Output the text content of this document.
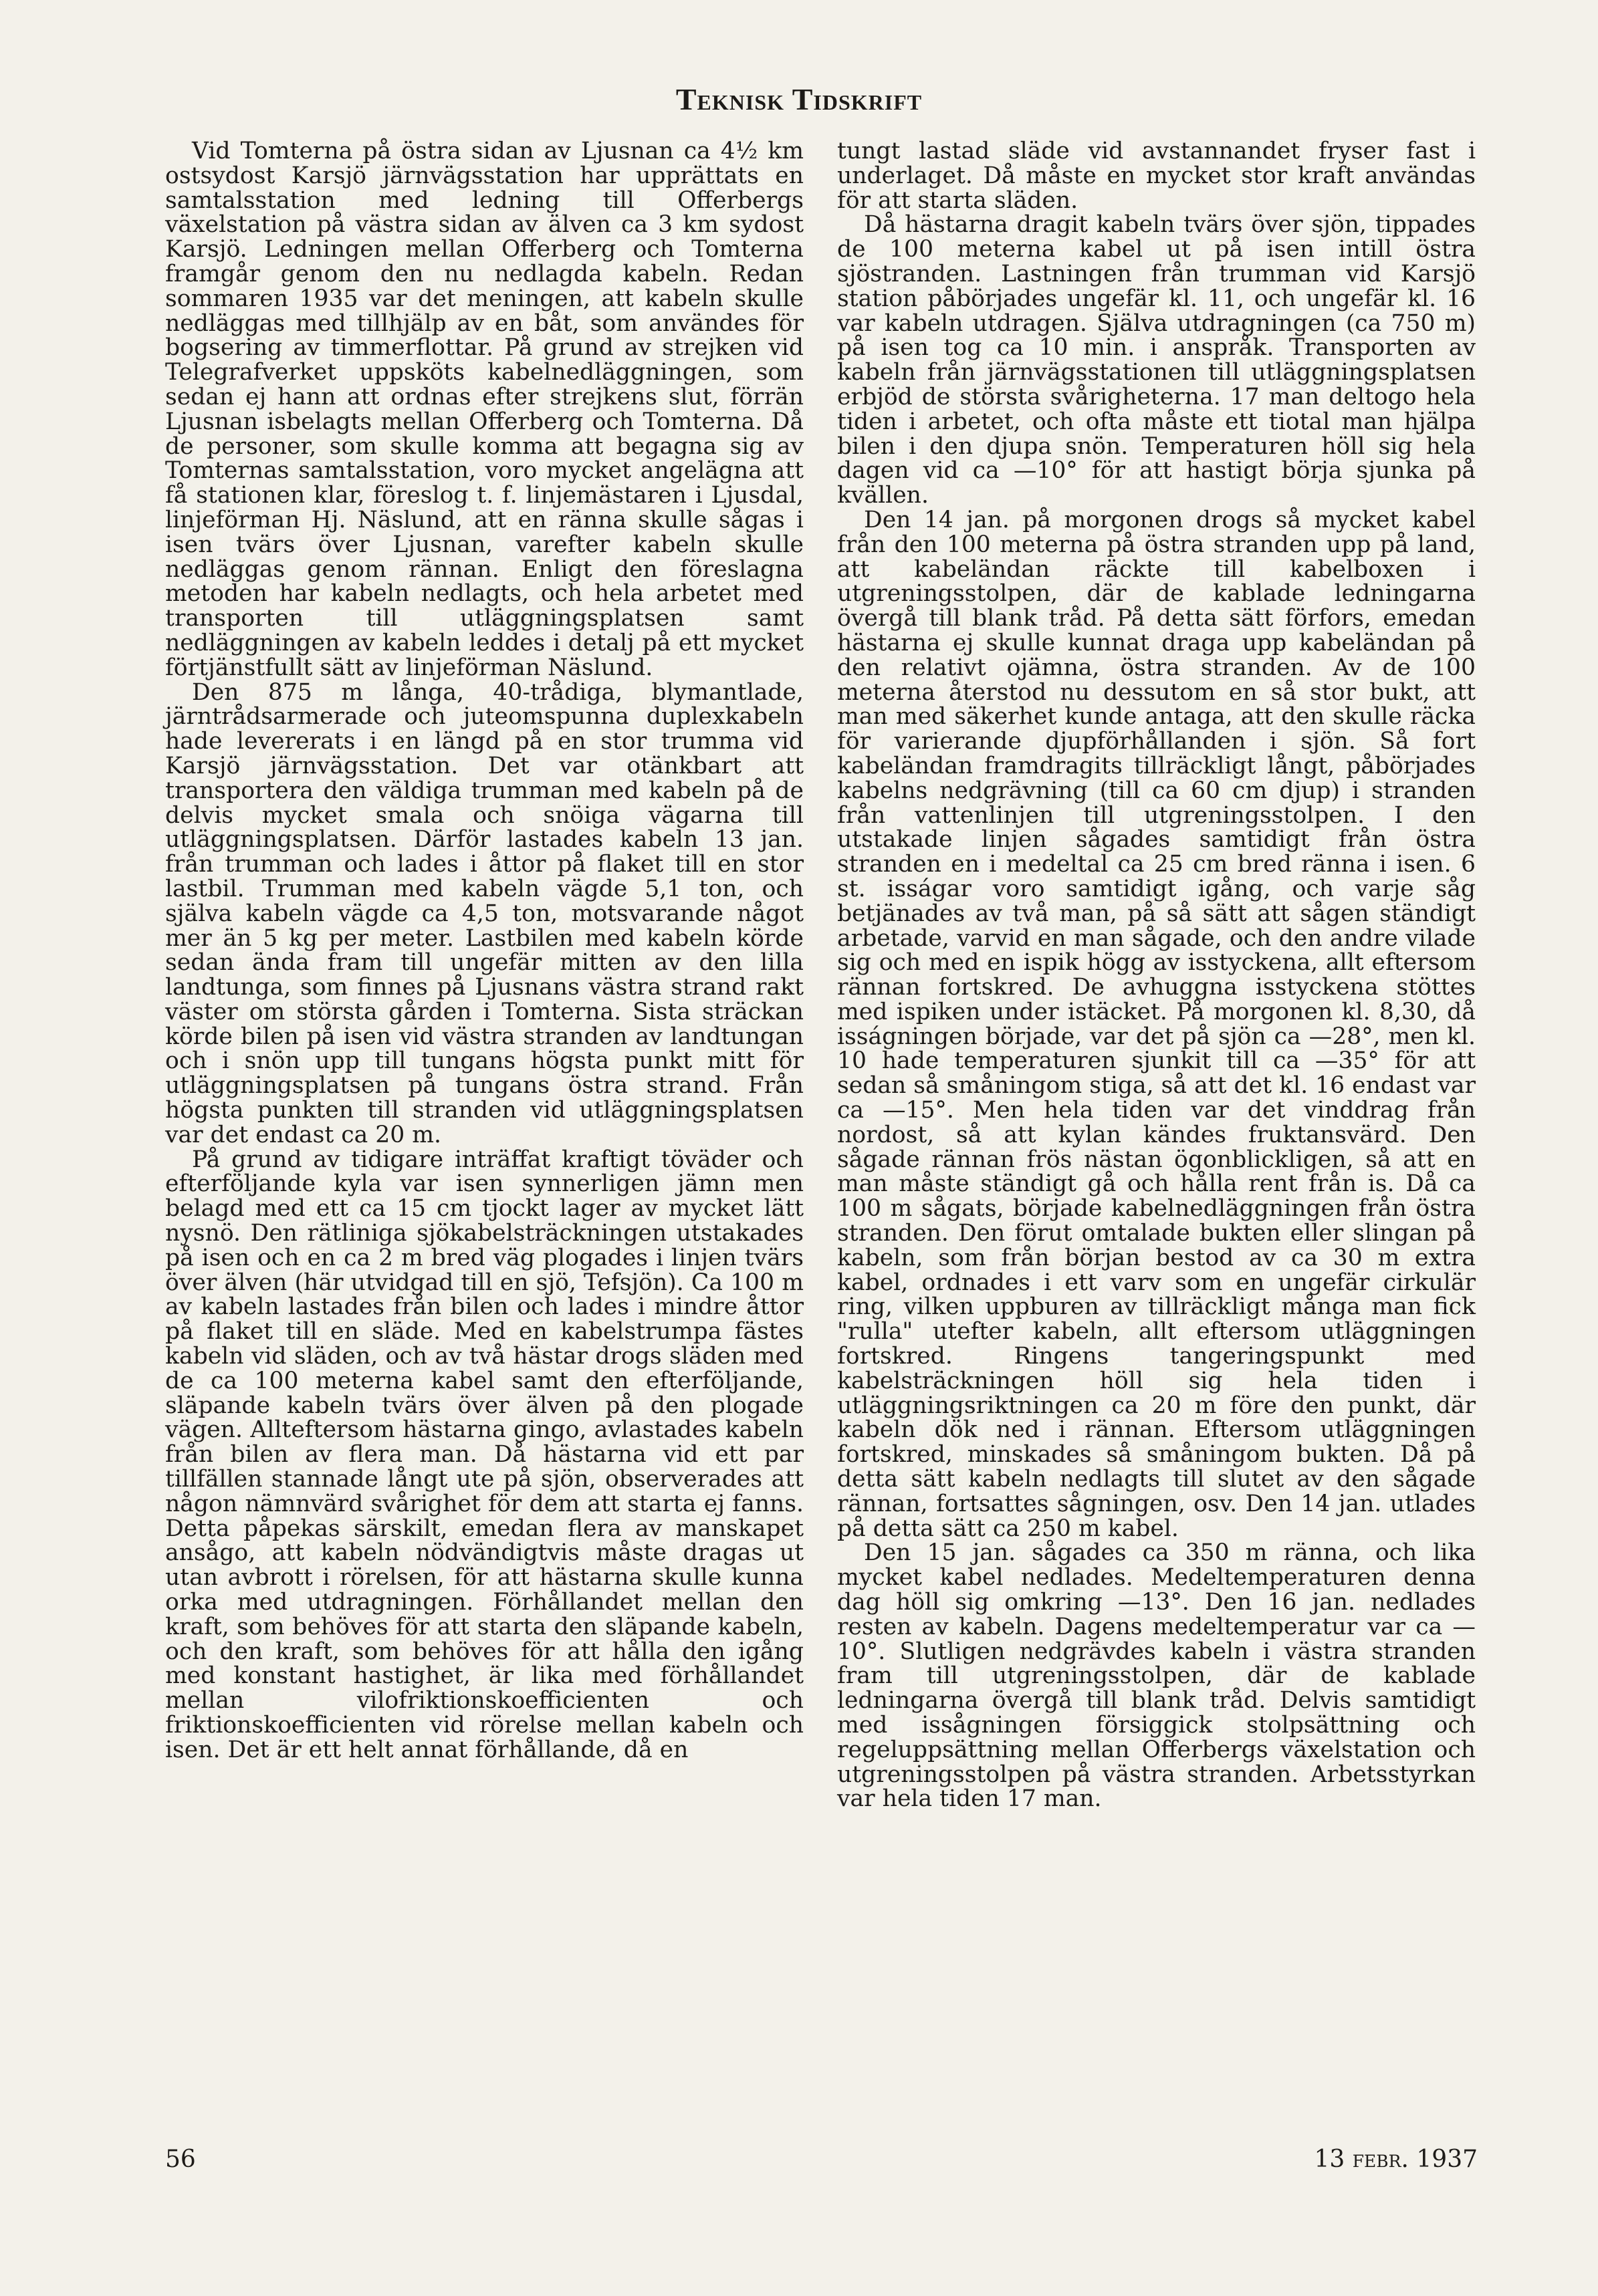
Teknisk Tidskrift

Vid Tomterna på östra sidan av Ljusnan ca 4½ km ostsydost Karsjö järnvägsstation har upprättats en samtalsstation med ledning till Offerbergs växelstation på västra sidan av älven ca 3 km sydost Karsjö. Ledningen mellan Offerberg och Tomterna framgår genom den nu nedlagda kabeln. Redan sommaren 1935 var det meningen, att kabeln skulle nedläggas med tillhjälp av en båt, som användes för bogsering av timmerflottar. På grund av strejken vid Telegrafverket uppsköts kabelnedläggningen, som sedan ej hann att ordnas efter strejkens slut, förrän Ljusnan isbelagts mellan Offerberg och Tomterna. Då de personer, som skulle komma att begagna sig av Tomternas samtalsstation, voro mycket angelägna att få stationen klar, föreslog t. f. linjemästaren i Ljusdal, linjeförman Hj. Näslund, att en ränna skulle sågas i isen tvärs över Ljusnan, varefter kabeln skulle nedläggas genom rännan. Enligt den föreslagna metoden har kabeln nedlagts, och hela arbetet med transporten till utläggningsplatsen samt nedläggningen av kabeln leddes i detalj på ett mycket förtjänstfullt sätt av linjeförman Näslund.

Den 875 m långa, 40-trådiga, blymantlade, järntrådsarmerade och juteomspunna duplexkabeln hade levererats i en längd på en stor trumma vid Karsjö järnvägsstation. Det var otänkbart att transportera den väldiga trumman med kabeln på de delvis mycket smala och snöiga vägarna till utläggningsplatsen. Därför lastades kabeln 13 jan. från trumman och lades i åttor på flaket till en stor lastbil. Trumman med kabeln vägde 5,1 ton, och själva kabeln vägde ca 4,5 ton, motsvarande något mer än 5 kg per meter. Lastbilen med kabeln körde sedan ända fram till ungefär mitten av den lilla landtunga, som finnes på Ljusnans västra strand rakt väster om största gården i Tomterna. Sista sträckan körde bilen på isen vid västra stranden av landtungan och i snön upp till tungans högsta punkt mitt för utläggningsplatsen på tungans östra strand. Från högsta punkten till stranden vid utläggningsplatsen var det endast ca 20 m.

På grund av tidigare inträffat kraftigt töväder och efterföljande kyla var isen synnerligen jämn men belagd med ett ca 15 cm tjockt lager av mycket lätt nysnö. Den rätliniga sjökabelsträckningen utstakades på isen och en ca 2 m bred väg plogades i linjen tvärs över älven (här utvidgad till en sjö, Tefsjön). Ca 100 m av kabeln lastades från bilen och lades i mindre åttor på flaket till en släde. Med en kabelstrumpa fästes kabeln vid släden, och av två hästar drogs släden med de ca 100 meterna kabel samt den efterföljande, släpande kabeln tvärs över älven på den plogade vägen. Allteftersom hästarna gingo, avlastades kabeln från bilen av flera man. Då hästarna vid ett par tillfällen stannade långt ute på sjön, observerades att någon nämnvärd svårighet för dem att starta ej fanns. Detta påpekas särskilt, emedan flera av manskapet ansågo, att kabeln nödvändigtvis måste dragas ut utan avbrott i rörelsen, för att hästarna skulle kunna orka med utdragningen. Förhållandet mellan den kraft, som behöves för att starta den släpande kabeln, och den kraft, som behöves för att hålla den igång med konstant hastighet, är lika med förhållandet mellan vilofriktionskoefficienten och friktionskoefficienten vid rörelse mellan kabeln och isen. Det är ett helt annat förhållande, då en

tungt lastad släde vid avstannandet fryser fast i underlaget. Då måste en mycket stor kraft användas för att starta släden.

Då hästarna dragit kabeln tvärs över sjön, tippades de 100 meterna kabel ut på isen intill östra sjöstranden. Lastningen från trumman vid Karsjö station påbörjades ungefär kl. 11, och ungefär kl. 16 var kabeln utdragen. Själva utdragningen (ca 750 m) på isen tog ca 10 min. i anspråk. Transporten av kabeln från järnvägsstationen till utläggningsplatsen erbjöd de största svårigheterna. 17 man deltogo hela tiden i arbetet, och ofta måste ett tiotal man hjälpa bilen i den djupa snön. Temperaturen höll sig hela dagen vid ca —10° för att hastigt börja sjunka på kvällen.

Den 14 jan. på morgonen drogs så mycket kabel från den 100 meterna på östra stranden upp på land, att kabeländan räckte till kabelboxen i utgreningsstolpen, där de kablade ledningarna övergå till blank tråd. På detta sätt förfors, emedan hästarna ej skulle kunnat draga upp kabeländan på den relativt ojämna, östra stranden. Av de 100 meterna återstod nu dessutom en så stor bukt, att man med säkerhet kunde antaga, att den skulle räcka för varierande djupförhållanden i sjön. Så fort kabeländan framdragits tillräckligt långt, påbörjades kabelns nedgrävning (till ca 60 cm djup) i stranden från vattenlinjen till utgreningsstolpen. I den utstakade linjen sågades samtidigt från östra stranden en i medeltal ca 25 cm bred ränna i isen. 6 st. isságar voro samtidigt igång, och varje såg betjänades av två man, på så sätt att sågen ständigt arbetade, varvid en man sågade, och den andre vilade sig och med en ispik högg av isstyckena, allt eftersom rännan fortskred. De avhuggna isstyckena stöttes med ispiken under istäcket. På morgonen kl. 8,30, då isságningen började, var det på sjön ca —28°, men kl. 10 hade temperaturen sjunkit till ca —35° för att sedan så småningom stiga, så att det kl. 16 endast var ca —15°. Men hela tiden var det vinddrag från nordost, så att kylan kändes fruktansvärd. Den sågade rännan frös nästan ögonblickligen, så att en man måste ständigt gå och hålla rent från is. Då ca 100 m sågats, började kabelnedläggningen från östra stranden. Den förut omtalade bukten eller slingan på kabeln, som från början bestod av ca 30 m extra kabel, ordnades i ett varv som en ungefär cirkulär ring, vilken uppburen av tillräckligt många man fick "rulla" utefter kabeln, allt eftersom utläggningen fortskred. Ringens tangeringspunkt med kabelsträckningen höll sig hela tiden i utläggningsriktningen ca 20 m före den punkt, där kabeln dök ned i rännan. Eftersom utläggningen fortskred, minskades så småningom bukten. Då på detta sätt kabeln nedlagts till slutet av den sågade rännan, fortsattes sågningen, osv. Den 14 jan. utlades på detta sätt ca 250 m kabel.

Den 15 jan. sågades ca 350 m ränna, och lika mycket kabel nedlades. Medeltemperaturen denna dag höll sig omkring —13°. Den 16 jan. nedlades resten av kabeln. Dagens medeltemperatur var ca —10°. Slutligen nedgrävdes kabeln i västra stranden fram till utgreningsstolpen, där de kablade ledningarna övergå till blank tråd. Delvis samtidigt med issågningen försiggick stolpsättning och regeluppsättning mellan Offerbergs växelstation och utgreningsstolpen på västra stranden. Arbetsstyrkan var hela tiden 17 man.

56	13 febr. 1937
